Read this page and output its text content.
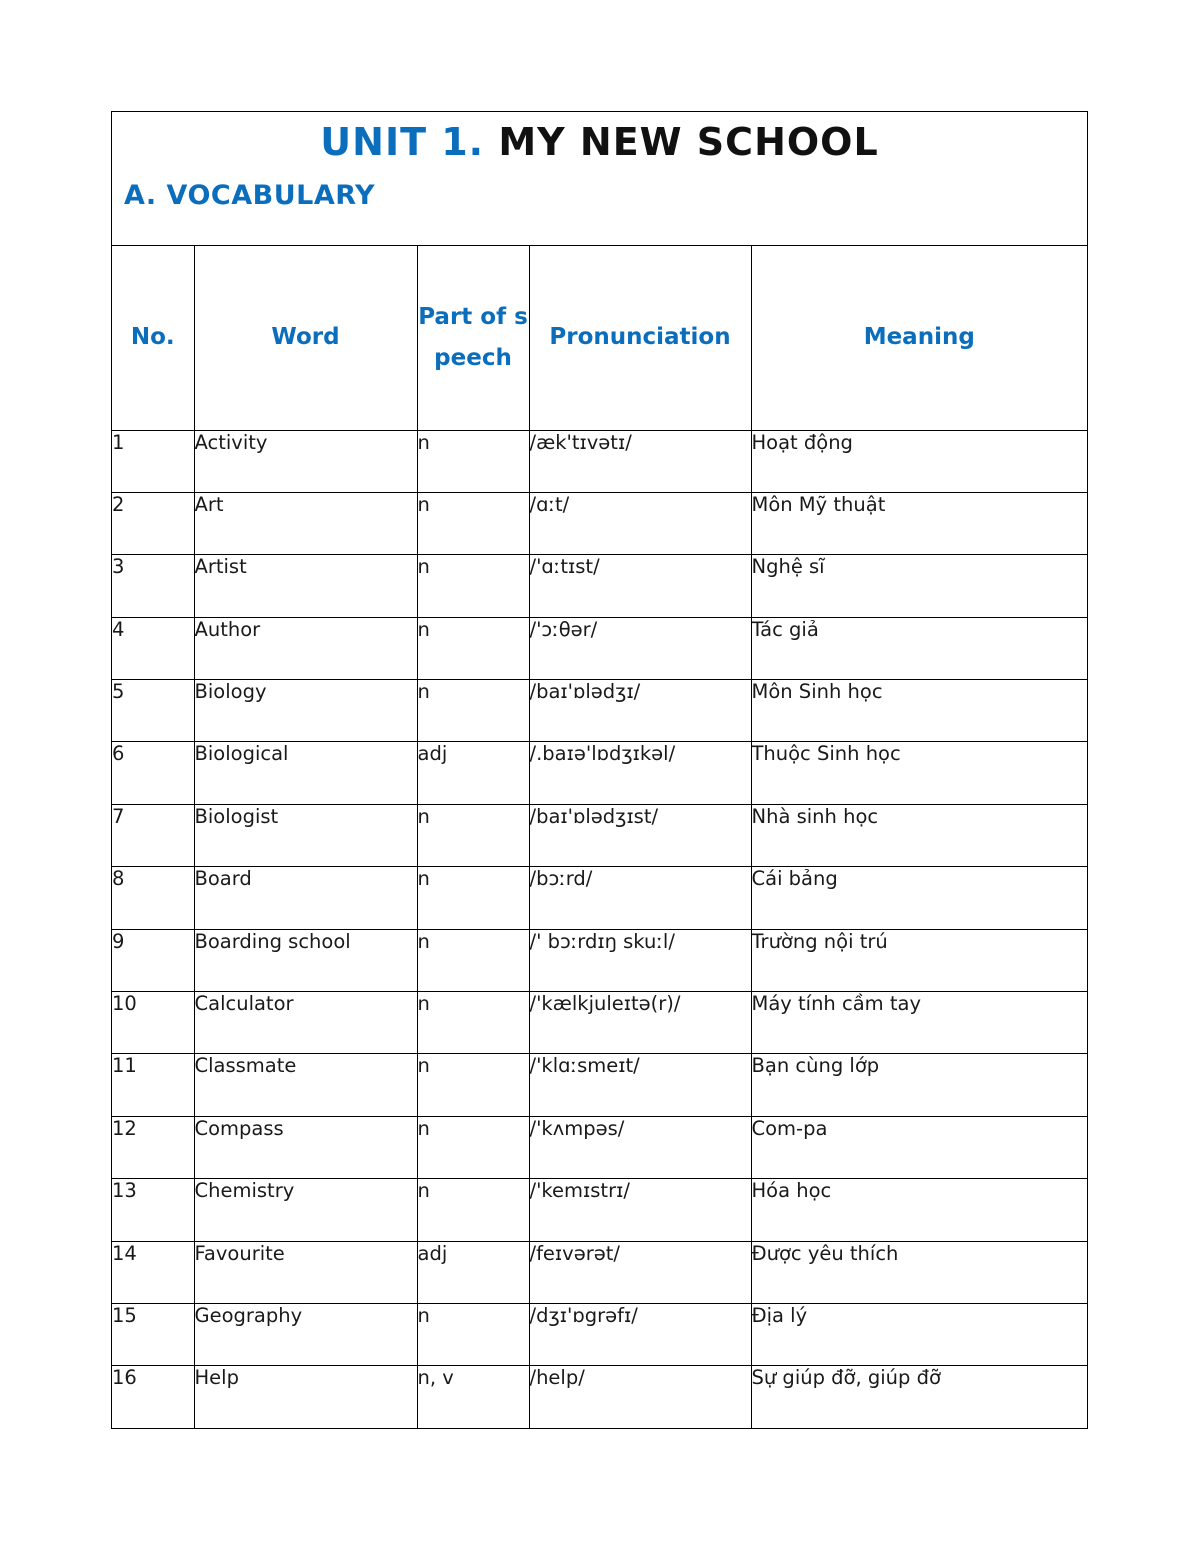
UNIT 1. MY NEW SCHOOL
A. VOCABULARY
No.	Word	Part of speech	Pronunciation	Meaning
1	Activity	n	/æk'tɪvətɪ/	Hoạt động
2	Art	n	/ɑːt/	Môn Mỹ thuật
3	Artist	n	/'ɑːtɪst/	Nghệ sĩ
4	Author	n	/'ɔːθər/	Tác giả
5	Biology	n	/baɪ'ɒlədʒɪ/	Môn Sinh học
6	Biological	adj	/.baɪə'lɒdʒɪkəl/	Thuộc Sinh học
7	Biologist	n	/baɪ'ɒlədʒɪst/	Nhà sinh học
8	Board	n	/bɔːrd/	Cái bảng
9	Boarding school	n	/' bɔːrdɪŋ skuːl/	Trường nội trú
10	Calculator	n	/'kælkjuleɪtə(r)/	Máy tính cầm tay
11	Classmate	n	/'klɑːsmeɪt/	Bạn cùng lớp
12	Compass	n	/'kʌmpəs/	Com-pa
13	Chemistry	n	/'kemɪstrɪ/	Hóa học
14	Favourite	adj	/feɪvərət/	Được yêu thích
15	Geography	n	/dʒɪ'ɒgrəfɪ/	Địa lý
16	Help	n, v	/help/	Sự giúp đỡ, giúp đỡ
